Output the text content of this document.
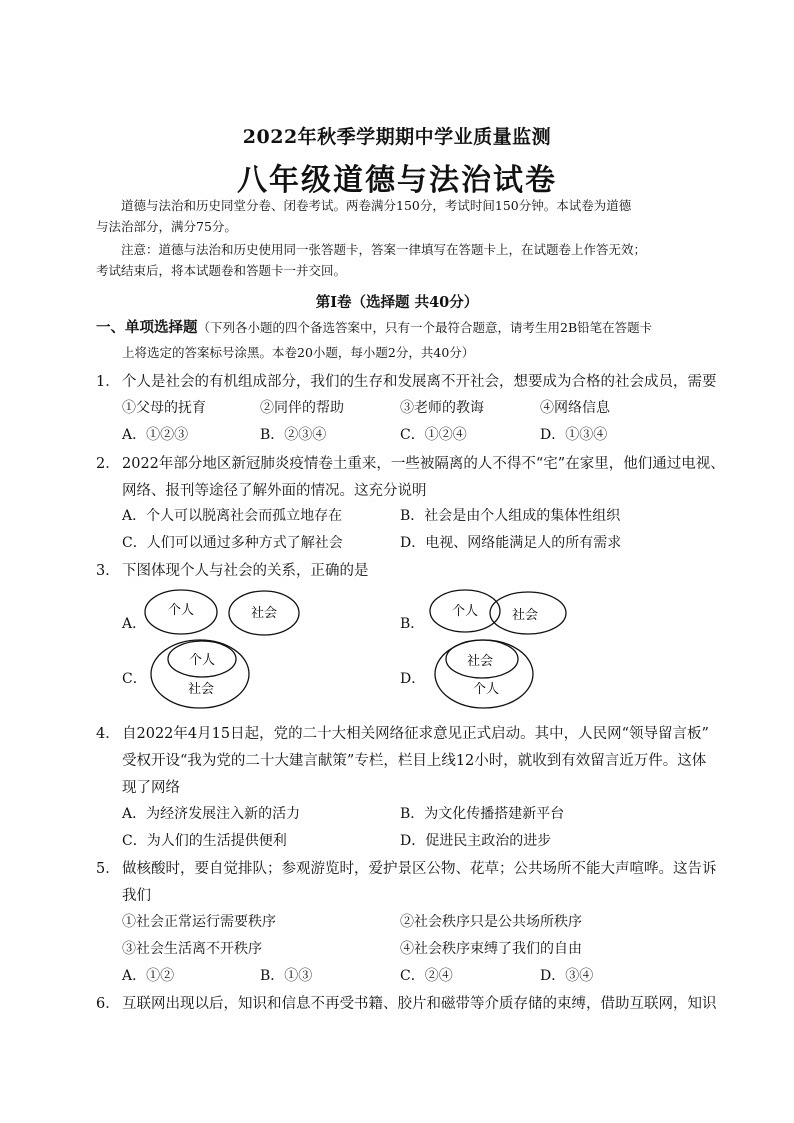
2022年秋季学期期中学业质量监测
八年级道德与法治试卷
道德与法治和历史同堂分卷、闭卷考试。两卷满分150分，考试时间150分钟。本试卷为道德
与法治部分，满分75分。
注意：道德与法治和历史使用同一张答题卡，答案一律填写在答题卡上，在试题卷上作答无效；
考试结束后，将本试题卷和答题卡一并交回。
第Ⅰ卷（选择题 共40分）
一、单项选择题（下列各小题的四个备选答案中，只有一个最符合题意，请考生用2B铅笔在答题卡
上将选定的答案标号涂黑。本卷20小题，每小题2分，共40分）
1． 个人是社会的有机组成部分，我们的生存和发展离不开社会，想要成为合格的社会成员，需要
①父母的抚育	②同伴的帮助	③老师的教诲	④网络信息
A．①②③	B．②③④	C．①②④	D．①③④
2． 2022年部分地区新冠肺炎疫情卷土重来，一些被隔离的人不得不“宅”在家里，他们通过电视、
网络、报刊等途径了解外面的情况。这充分说明
A．个人可以脱离社会而孤立地存在	B．社会是由个人组成的集体性组织
C．人们可以通过多种方式了解社会	D．电视、网络能满足人的所有需求
3． 下图体现个人与社会的关系，正确的是
A．
个人	社会
B．
个人	社会
C．
个人
社会
D．
社会
个人
4． 自2022年4月15日起，党的二十大相关网络征求意见正式启动。其中，人民网“领导留言板”
受权开设“我为党的二十大建言献策”专栏，栏目上线12小时，就收到有效留言近万件。这体
现了网络
A．为经济发展注入新的活力	B．为文化传播搭建新平台
C．为人们的生活提供便利	D．促进民主政治的进步
5． 做核酸时，要自觉排队；参观游览时，爱护景区公物、花草；公共场所不能大声喧哗。这告诉
我们
①社会正常运行需要秩序	②社会秩序只是公共场所秩序
③社会生活离不开秩序	④社会秩序束缚了我们的自由
A．①②	B．①③	C．②④	D．③④
6． 互联网出现以后，知识和信息不再受书籍、胶片和磁带等介质存储的束缚，借助互联网，知识
